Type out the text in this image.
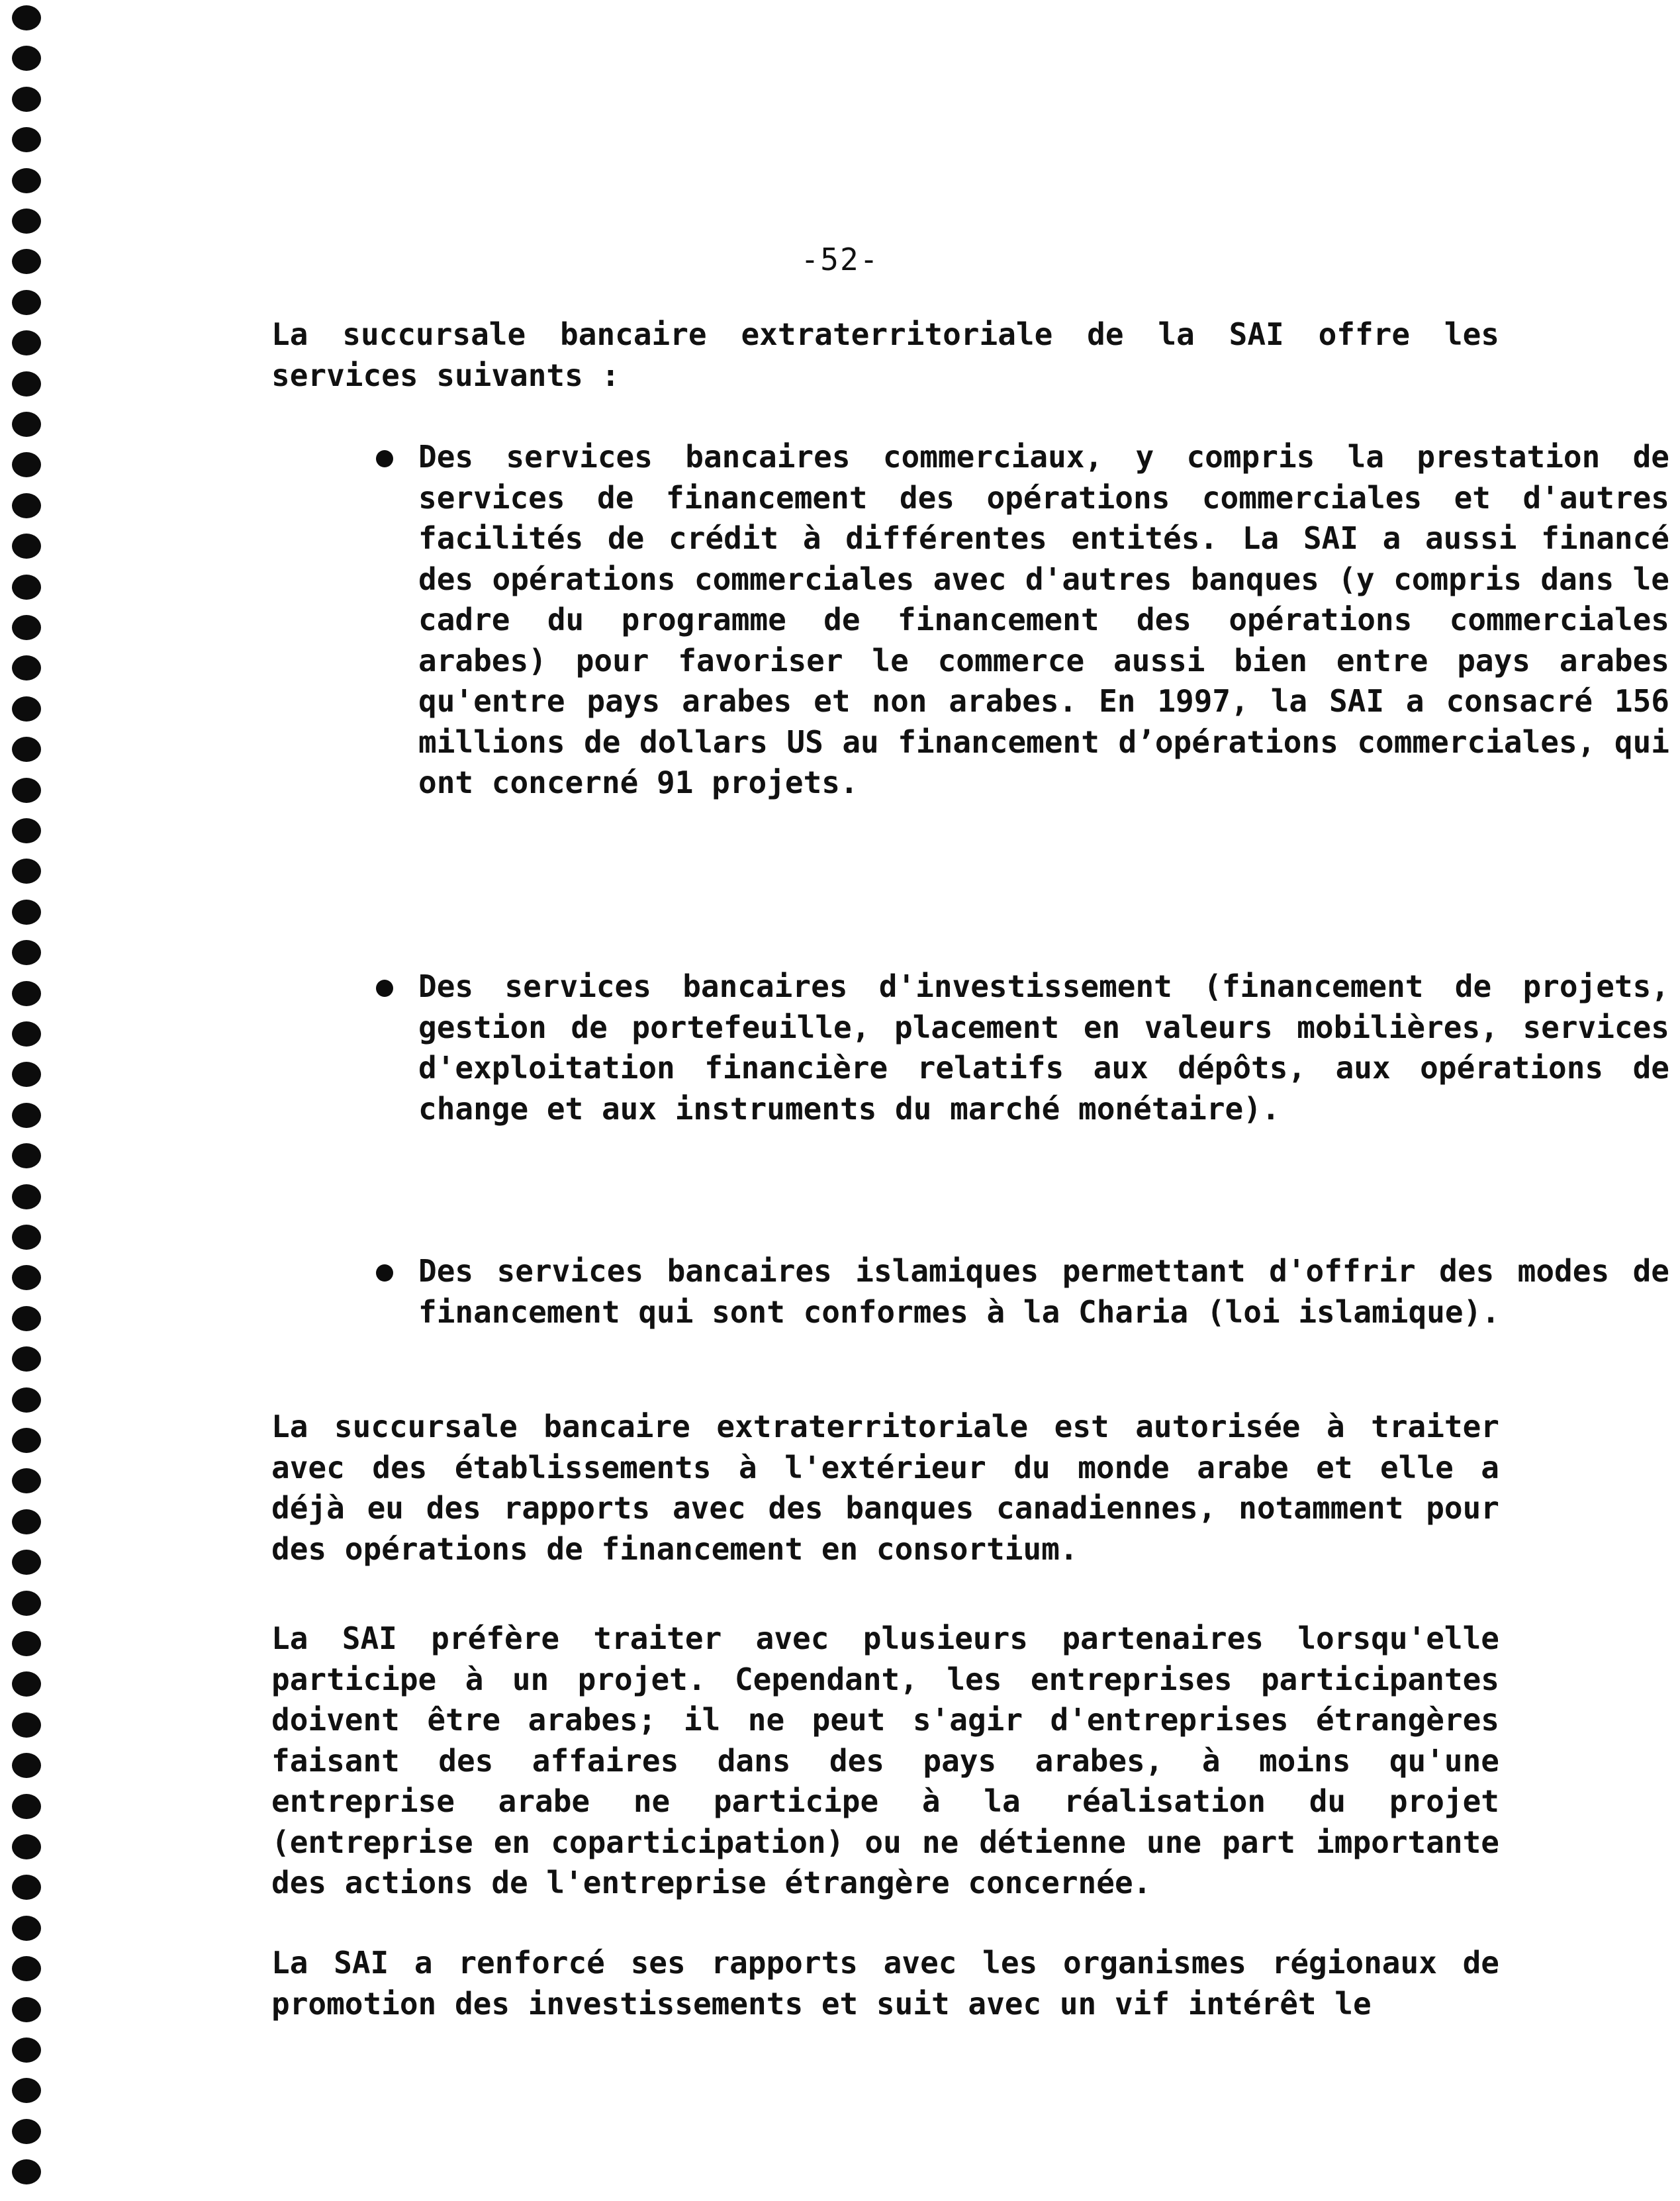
-52-

La succursale bancaire extraterritoriale de la SAI offre les services suivants :

Des services bancaires commerciaux, y compris la prestation de services de financement des opérations commerciales et d'autres facilités de crédit à différentes entités. La SAI a aussi financé des opérations commerciales avec d'autres banques (y compris dans le cadre du programme de financement des opérations commerciales arabes) pour favoriser le commerce aussi bien entre pays arabes qu'entre pays arabes et non arabes. En 1997, la SAI a consacré 156 millions de dollars US au financement d’opérations commerciales, qui ont concerné 91 projets.

Des services bancaires d'investissement (financement de projets, gestion de portefeuille, placement en valeurs mobilières, services d'exploitation financière relatifs aux dépôts, aux opérations de change et aux instruments du marché monétaire).

Des services bancaires islamiques permettant d'offrir des modes de financement qui sont conformes à la Charia (loi islamique).

La succursale bancaire extraterritoriale est autorisée à traiter avec des établissements à l'extérieur du monde arabe et elle a déjà eu des rapports avec des banques canadiennes, notamment pour des opérations de financement en consortium.

La SAI préfère traiter avec plusieurs partenaires lorsqu'elle participe à un projet. Cependant, les entreprises participantes doivent être arabes; il ne peut s'agir d'entreprises étrangères faisant des affaires dans des pays arabes, à moins qu'une entreprise arabe ne participe à la réalisation du projet (entreprise en coparticipation) ou ne détienne une part importante des actions de l'entreprise étrangère concernée.

La SAI a renforcé ses rapports avec les organismes régionaux de promotion des investissements et suit avec un vif intérêt le
